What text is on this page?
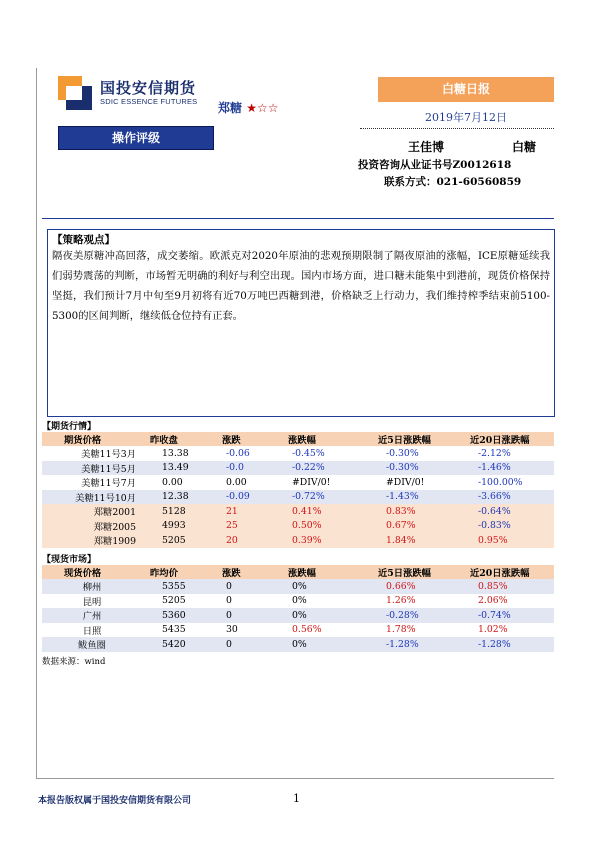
国投安信期货
SDIC ESSENCE FUTURES 郑糖 ★☆☆
白糖日报
2019年7月12日
操作评级
王佳博	白糖
投资咨询从业证书号Z0012618
联系方式：021-60560859
【策略观点】
隔夜美原糖冲高回落，成交萎缩。欧派克对2020年原油的悲观预期限制了隔夜原油的涨幅，ICE原糖延续我们弱势震荡的判断，市场暂无明确的利好与利空出现。国内市场方面，进口糖未能集中到港前，现货价格保持坚挺，我们预计7月中旬至9月初将有近70万吨巴西糖到港，价格缺乏上行动力，我们维持榨季结束前5100-5300的区间判断，继续低仓位持有正套。
【期货行情】
期货价格	昨收盘	涨跌	涨跌幅	近5日涨跌幅	近20日涨跌幅
美糖11号3月	13.38	-0.06	-0.45%	-0.30%	-2.12%
美糖11号5月	13.49	-0.0	-0.22%	-0.30%	-1.46%
美糖11号7月	0.00	0.00	#DIV/0!	#DIV/0!	-100.00%
美糖11号10月	12.38	-0.09	-0.72%	-1.43%	-3.66%
郑糖2001	5128	21	0.41%	0.83%	-0.64%
郑糖2005	4993	25	0.50%	0.67%	-0.83%
郑糖1909	5205	20	0.39%	1.84%	0.95%
【现货市场】
现货价格	昨均价	涨跌	涨跌幅	近5日涨跌幅	近20日涨跌幅
柳州	5355	0	0%	0.66%	0.85%
昆明	5205	0	0%	1.26%	2.06%
广州	5360	0	0%	-0.28%	-0.74%
日照	5435	30	0.56%	1.78%	1.02%
鲅鱼圈	5420	0	0%	-1.28%	-1.28%
数据来源：wind
本报告版权属于国投安信期货有限公司	1
